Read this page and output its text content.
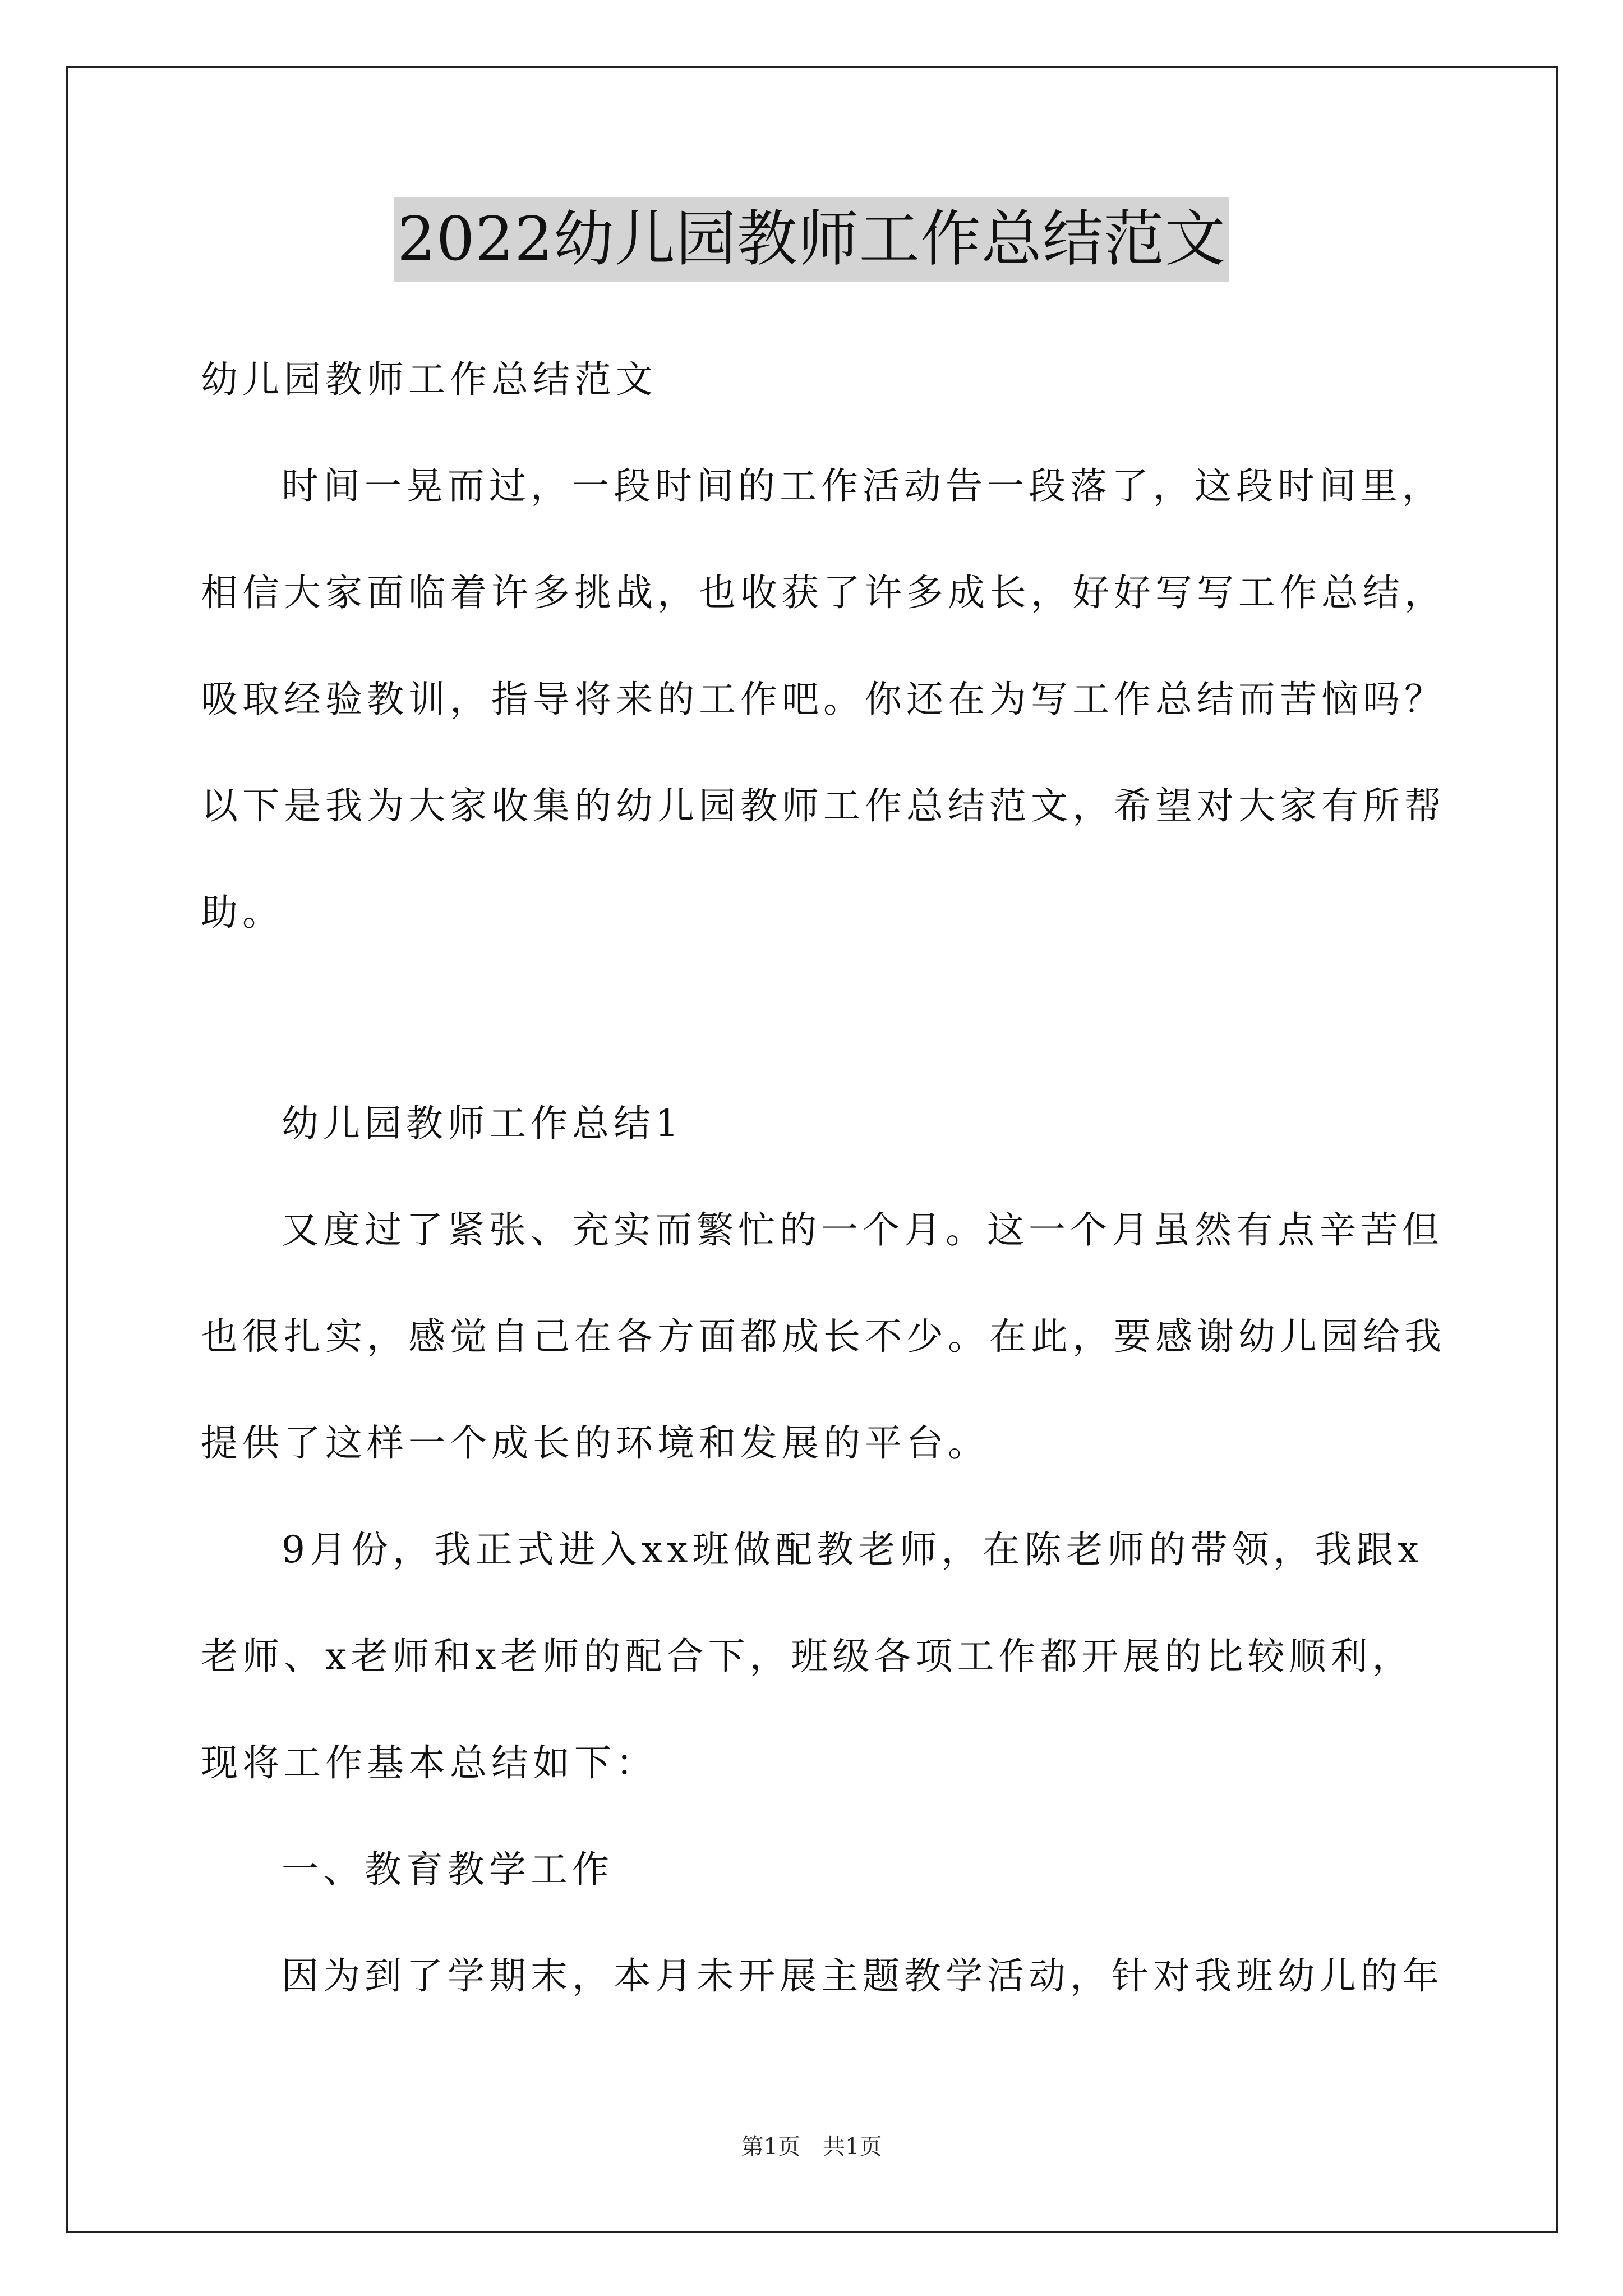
2022幼儿园教师工作总结范文

幼儿园教师工作总结范文

时间一晃而过，一段时间的工作活动告一段落了，这段时间里，

相信大家面临着许多挑战，也收获了许多成长，好好写写工作总结，

吸取经验教训，指导将来的工作吧。你还在为写工作总结而苦恼吗？

以下是我为大家收集的幼儿园教师工作总结范文，希望对大家有所帮

助。

幼儿园教师工作总结1

又度过了紧张、充实而繁忙的一个月。这一个月虽然有点辛苦但

也很扎实，感觉自己在各方面都成长不少。在此，要感谢幼儿园给我

提供了这样一个成长的环境和发展的平台。

9月份，我正式进入xx班做配教老师，在陈老师的带领，我跟x

老师、x老师和x老师的配合下，班级各项工作都开展的比较顺利，

现将工作基本总结如下：

一、教育教学工作

因为到了学期末，本月未开展主题教学活动，针对我班幼儿的年

第1页　共1页
